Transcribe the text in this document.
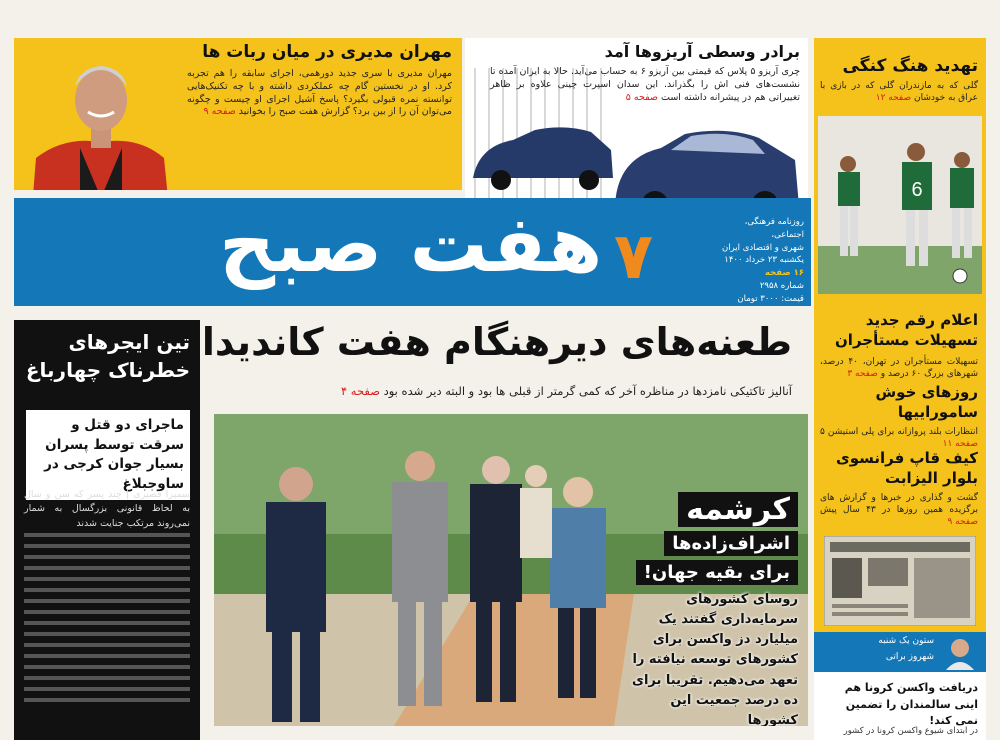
مهران مدیری در میان ربات ها
مهران مدیری با سری جدید دورهمی، اجرای سابقه را هم تجربه کرد. او در نخستین گام چه عملکردی داشته و با چه تکنیک‌هایی توانسته نمره قبولی بگیرد؟ پاسخ آشیل اجرای او چیست و چگونه می‌توان آن را از بین برد؟ گزارش هفت صبح را بخوانید صفحه ۹
برادر وسطی آریزوها آمد
چری آریزو ۵ پلاس که قیمتی بین آریزو ۶ به حساب می‌آید. حالا به ایران آمده تا نشست‌های فنی اش را بگذراند. این سدان اسپرت چینی علاوه بر ظاهر تغییراتی هم در پیشرانه داشته است صفحه ۵
هفت صبح ۷	روزنامه فرهنگی، اجتماعی،
شهری و اقتصادی ایران
یکشنبه ۲۳ خرداد ۱۴۰۰
۱۶ صفحه
شماره ۲۹۵۸
قیمت: ۳۰۰۰ تومان
تهدید هنگ کنگی
گلی که به مازندران گلی که در بازی با عراق به خودشان صفحه ۱۲
6
اعلام رقم جدید تسهیلات مستأجران
تسهیلات مستأجران در تهران، ۴۰ درصد، شهرهای بزرگ ۶۰ درصد و صفحه ۳
روزهای خوش ساموراییها
انتظارات بلند پروازانه برای پلی استیشن ۵ صفحه ۱۱
کیف قاپ فرانسوی بلوار الیزابت
گشت و گذاری در خبرها و گزارش های برگزیده همین روزها در ۴۳ سال پیش صفحه ۹
تین ایجرهای خطرناک چهارباغ
ماجرای دو قتل و سرقت توسط پسران بسیار جوان کرجی در ساوجبلاغ
سمیرا قصیری | چند پسر که سن و سال به لحاظ قانونی بزرگسال به شمار نمی‌روند مرتکب جنایت شدند
طعنه‌های دیرهنگام هفت کاندیدا
آنالیز تاکتیکی نامزدها در مناظره آخر که کمی گرمتر از قبلی ها بود و البته دیر شده بود صفحه ۴
کرشمه
اشراف‌زاده‌ها
برای بقیه جهان!
روسای کشورهای سرمایه‌داری گفتند یک میلیارد دز واکسن برای کشورهای توسعه نیافته را تعهد می‌دهیم. تقریبا برای ده درصد جمعیت این کشورها
ستون یک شنبه
شهروز براتی
دریافت واکسن کرونا هم اینی سالمندان را تضمین نمی کند!
در ابتدای شیوع واکسن کرونا در کشور
